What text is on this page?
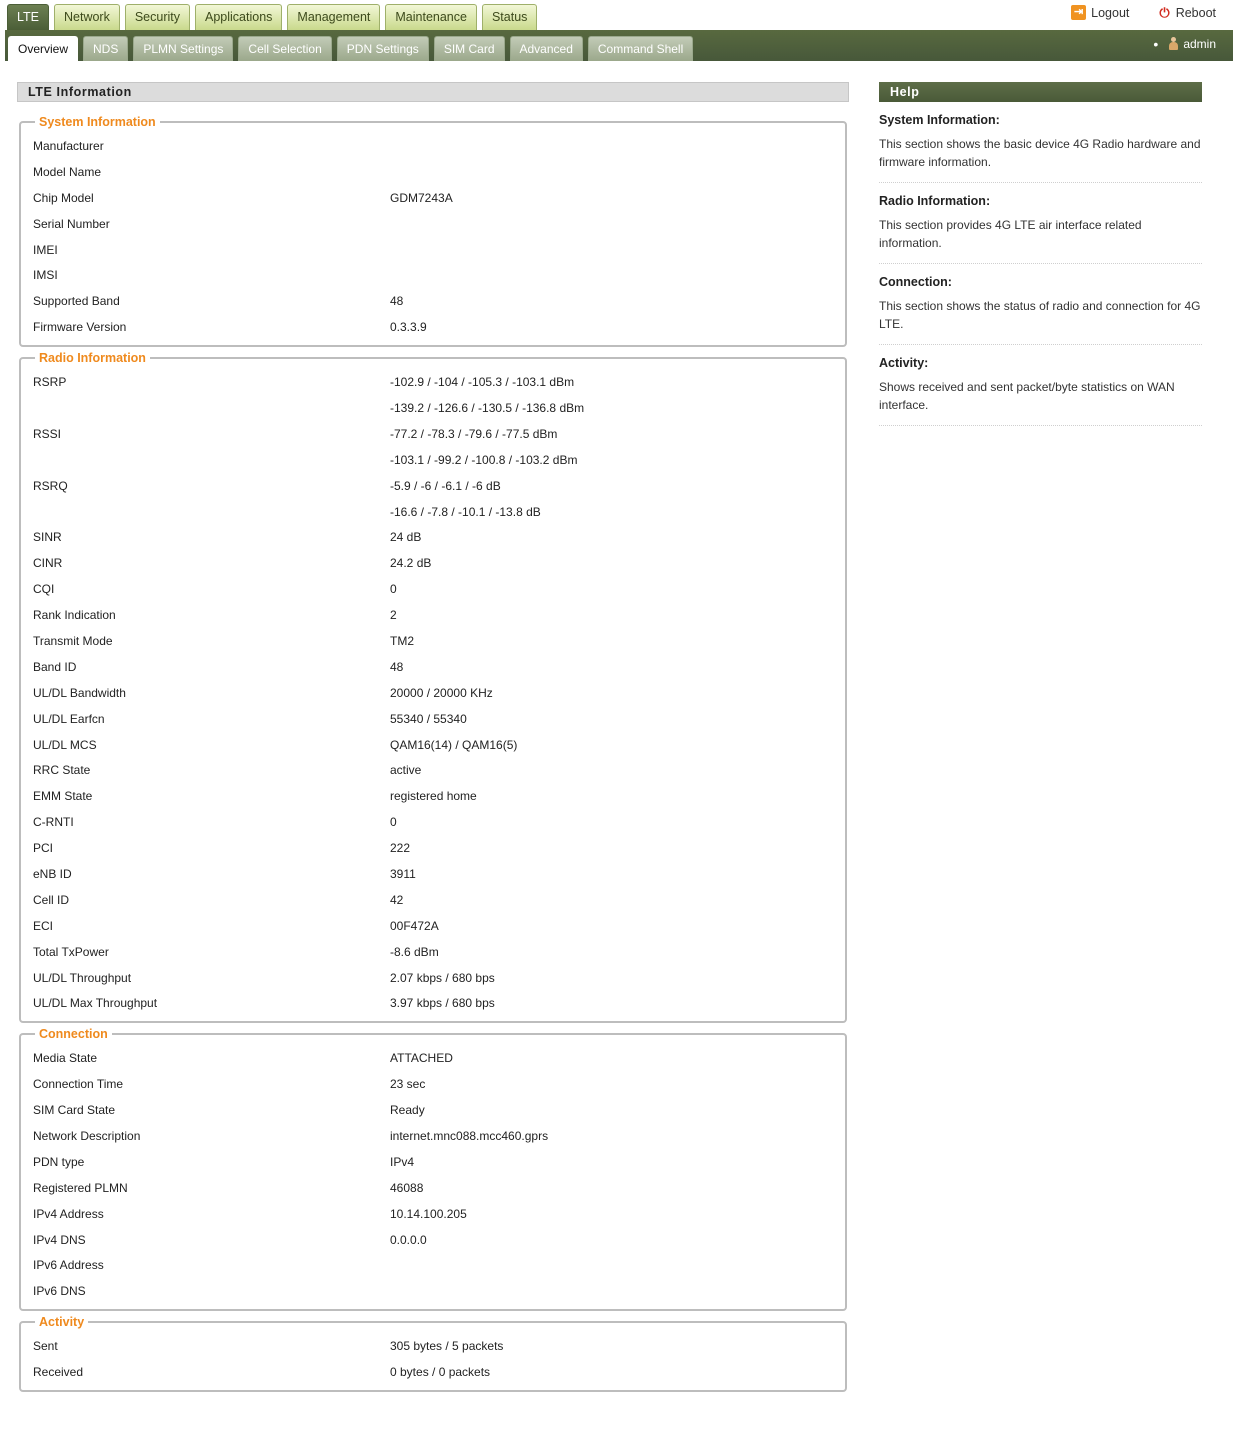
LTE	Network	Security	Applications	Management	Maintenance	Status	⇥ Logout ⏻ Reboot
Overview	NDS	PLMN Settings	Cell Selection	PDN Settings	SIM Card	Advanced	Command Shell	• admin
LTE Information
System Information
Manufacturer
Model Name
Chip Model	GDM7243A
Serial Number
IMEI
IMSI
Supported Band	48
Firmware Version	0.3.3.9
Radio Information
RSRP	-102.9 / -104 / -105.3 / -103.1 dBm
-139.2 / -126.6 / -130.5 / -136.8 dBm
RSSI	-77.2 / -78.3 / -79.6 / -77.5 dBm
-103.1 / -99.2 / -100.8 / -103.2 dBm
RSRQ	-5.9 / -6 / -6.1 / -6 dB
-16.6 / -7.8 / -10.1 / -13.8 dB
SINR	24 dB
CINR	24.2 dB
CQI	0
Rank Indication	2
Transmit Mode	TM2
Band ID	48
UL/DL Bandwidth	20000 / 20000 KHz
UL/DL Earfcn	55340 / 55340
UL/DL MCS	QAM16(14) / QAM16(5)
RRC State	active
EMM State	registered home
C-RNTI	0
PCI	222
eNB ID	3911
Cell ID	42
ECI	00F472A
Total TxPower	-8.6 dBm
UL/DL Throughput	2.07 kbps / 680 bps
UL/DL Max Throughput	3.97 kbps / 680 bps
Connection
Media State	ATTACHED
Connection Time	23 sec
SIM Card State	Ready
Network Description	internet.mnc088.mcc460.gprs
PDN type	IPv4
Registered PLMN	46088
IPv4 Address	10.14.100.205
IPv4 DNS	0.0.0.0
IPv6 Address
IPv6 DNS
Activity
Sent	305 bytes / 5 packets
Received	0 bytes / 0 packets
Help
System Information:
This section shows the basic device 4G Radio hardware and firmware information.
Radio Information:
This section provides 4G LTE air interface related information.
Connection:
This section shows the status of radio and connection for 4G LTE.
Activity:
Shows received and sent packet/byte statistics on WAN interface.
